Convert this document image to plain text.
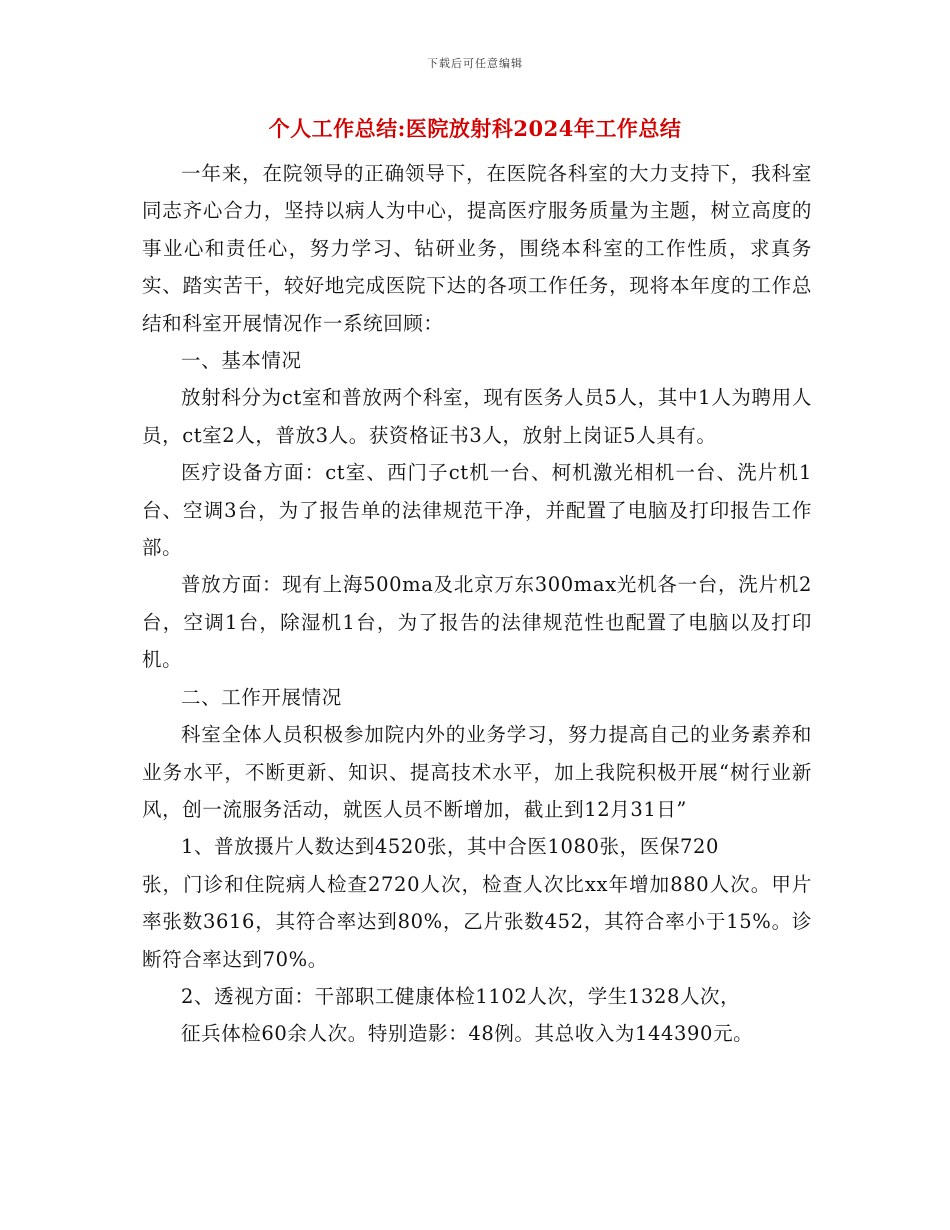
下载后可任意编辑
个人工作总结:医院放射科2024年工作总结

一年来，在院领导的正确领导下，在医院各科室的大力支持下，我科室同志齐心合力，坚持以病人为中心，提高医疗服务质量为主题，树立高度的事业心和责任心，努力学习、钻研业务，围绕本科室的工作性质，求真务实、踏实苦干，较好地完成医院下达的各项工作任务，现将本年度的工作总结和科室开展情况作一系统回顾：

一、基本情况

放射科分为ct室和普放两个科室，现有医务人员5人，其中1人为聘用人员，ct室2人，普放3人。获资格证书3人，放射上岗证5人具有。

医疗设备方面：ct室、西门子ct机一台、柯机激光相机一台、洗片机1台、空调3台，为了报告单的法律规范干净，并配置了电脑及打印报告工作部。

普放方面：现有上海500ma及北京万东300max光机各一台，洗片机2台，空调1台，除湿机1台，为了报告的法律规范性也配置了电脑以及打印机。

二、工作开展情况

科室全体人员积极参加院内外的业务学习，努力提高自己的业务素养和业务水平，不断更新、知识、提高技术水平，加上我院积极开展“树行业新风，创一流服务活动，就医人员不断增加，截止到12月31日”

1、普放摄片人数达到4520张，其中合医1080张，医保720

张，门诊和住院病人检查2720人次，检查人次比xx年增加880人次。甲片率张数3616，其符合率达到80%，乙片张数452，其符合率小于15%。诊断符合率达到70%。

2、透视方面：干部职工健康体检1102人次，学生1328人次，

征兵体检60余人次。特别造影：48例。其总收入为144390元。
